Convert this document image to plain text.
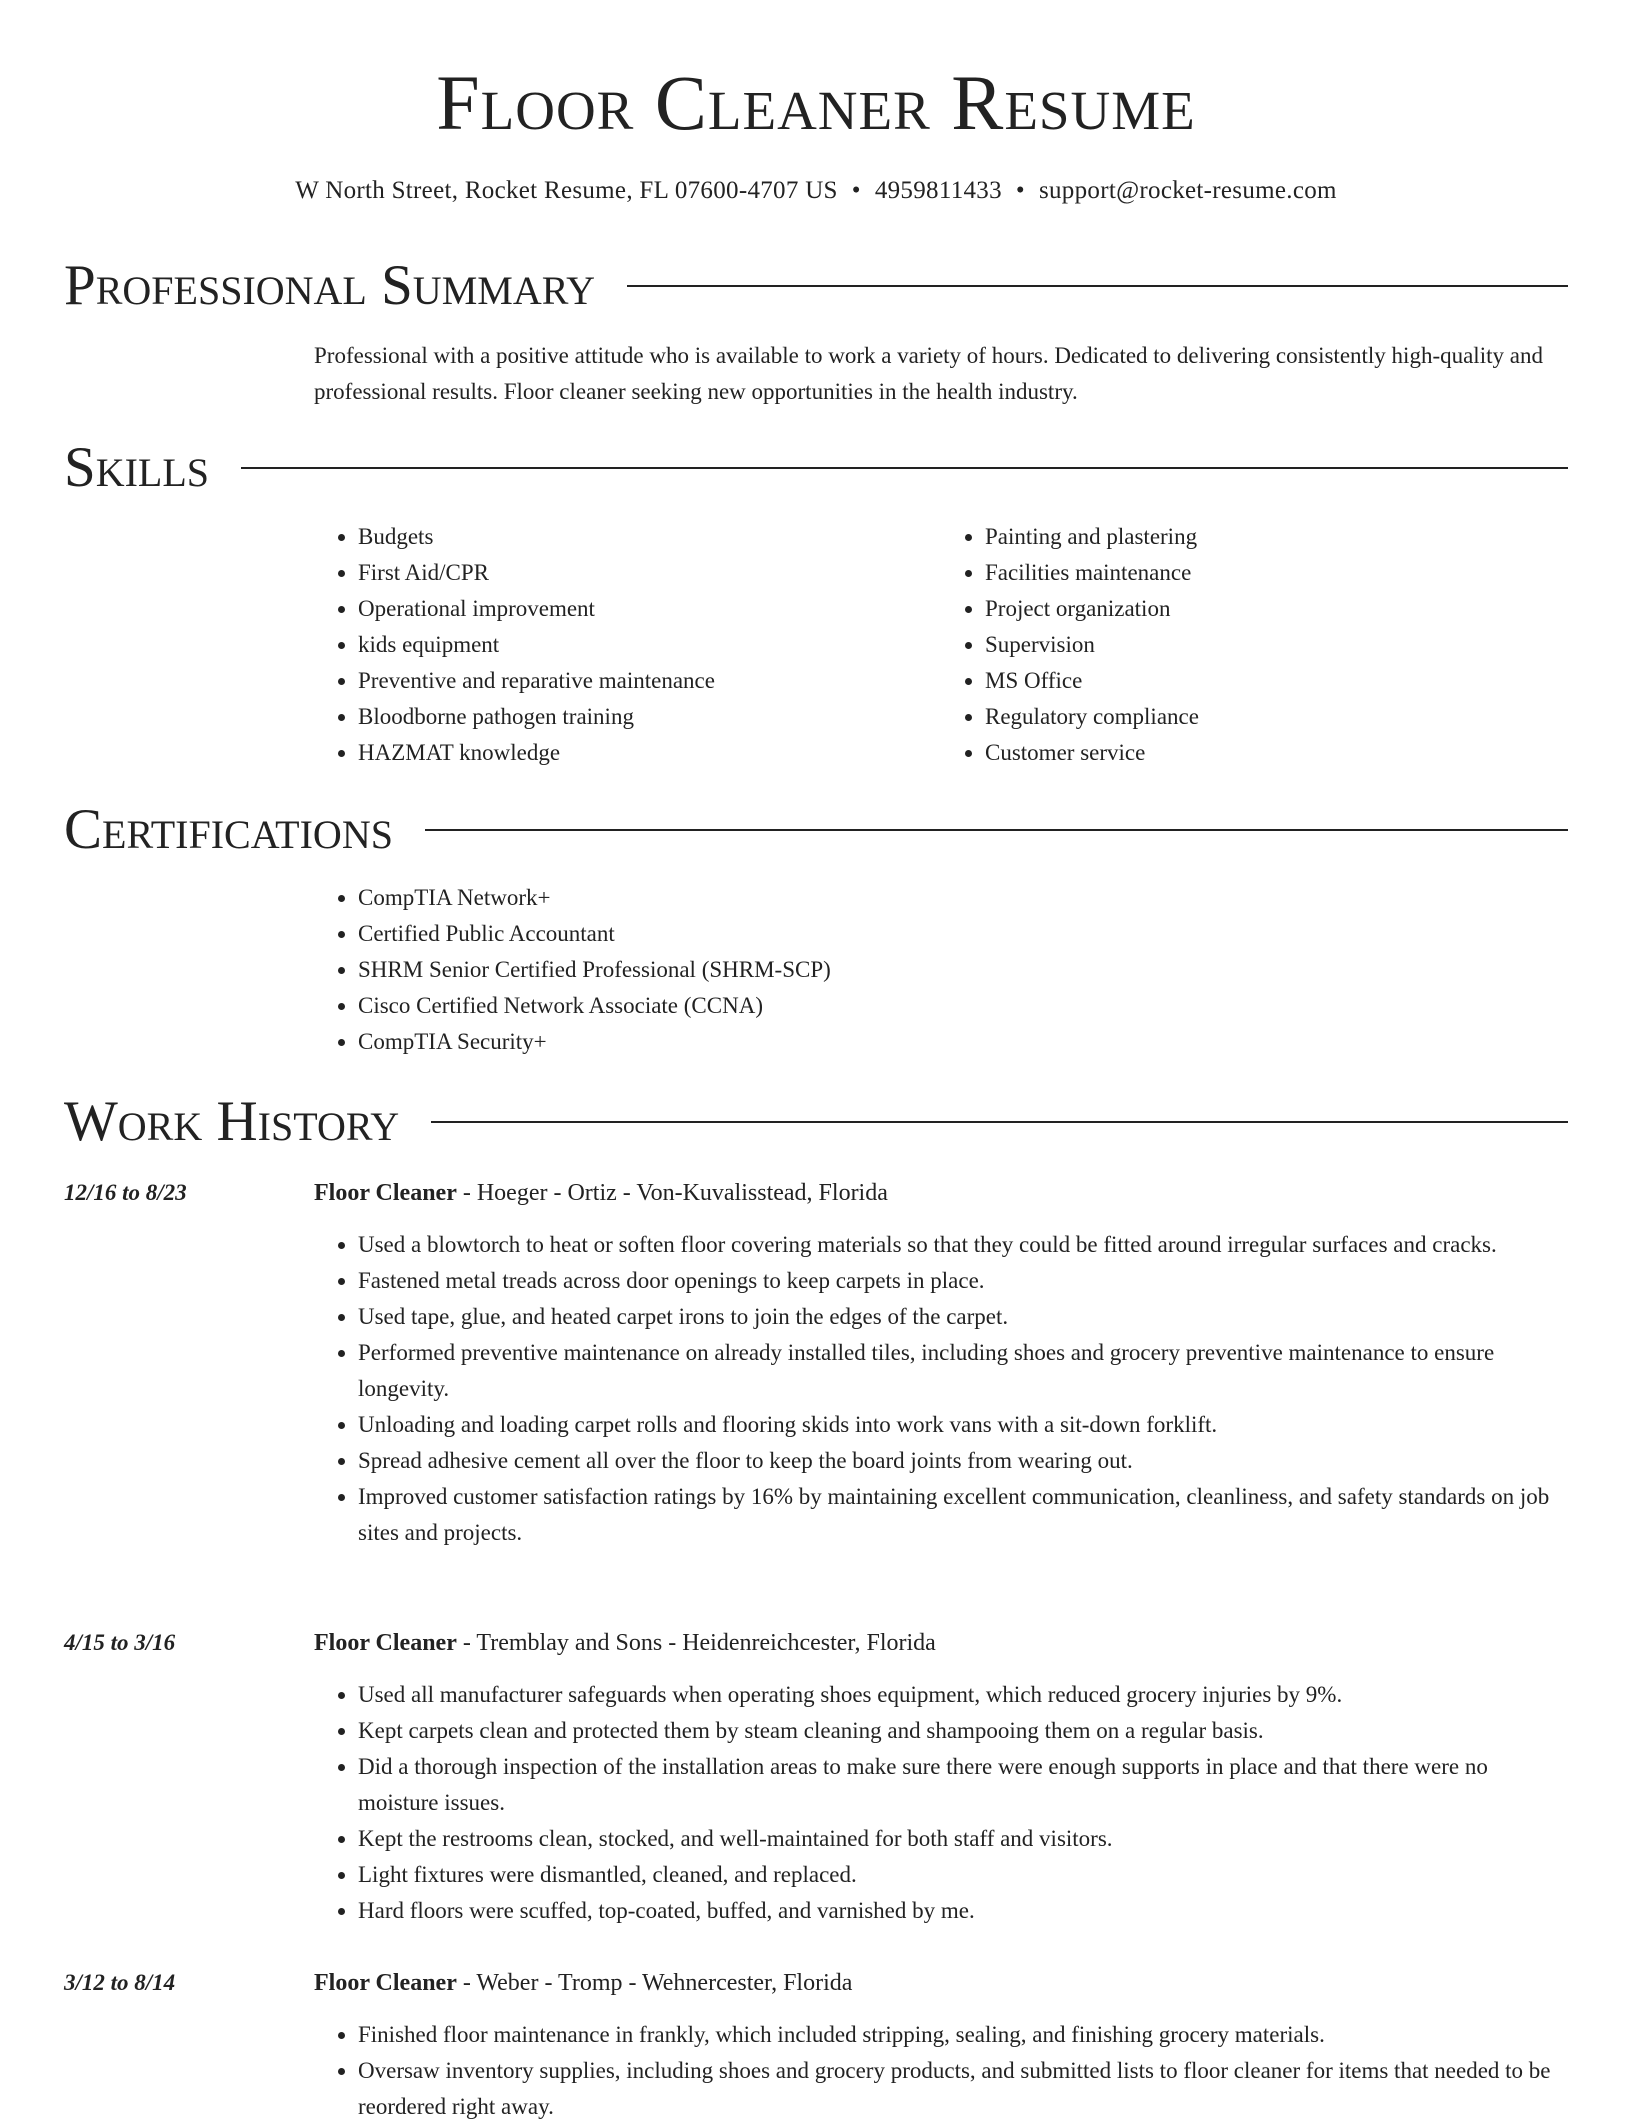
Floor Cleaner Resume
W North Street, Rocket Resume, FL 07600-4707 US • 4959811433 • support@rocket-resume.com
Professional Summary

Professional with a positive attitude who is available to work a variety of hours. Dedicated to delivering consistently high-quality and professional results. Floor cleaner seeking new opportunities in the health industry.

Skills
• Budgets
• First Aid/CPR
• Operational improvement
• kids equipment
• Preventive and reparative maintenance
• Bloodborne pathogen training
• HAZMAT knowledge
• Painting and plastering
• Facilities maintenance
• Project organization
• Supervision
• MS Office
• Regulatory compliance
• Customer service
Certifications
• CompTIA Network+
• Certified Public Accountant
• SHRM Senior Certified Professional (SHRM-SCP)
• Cisco Certified Network Associate (CCNA)
• CompTIA Security+
Work History
12/16 to 8/23	Floor Cleaner - Hoeger - Ortiz - Von-Kuvalisstead, Florida
• Used a blowtorch to heat or soften floor covering materials so that they could be fitted around irregular surfaces and cracks.
• Fastened metal treads across door openings to keep carpets in place.
• Used tape, glue, and heated carpet irons to join the edges of the carpet.
• Performed preventive maintenance on already installed tiles, including shoes and grocery preventive maintenance to ensure longevity.
• Unloading and loading carpet rolls and flooring skids into work vans with a sit-down forklift.
• Spread adhesive cement all over the floor to keep the board joints from wearing out.
• Improved customer satisfaction ratings by 16% by maintaining excellent communication, cleanliness, and safety standards on job sites and projects.
4/15 to 3/16	Floor Cleaner - Tremblay and Sons - Heidenreichcester, Florida
• Used all manufacturer safeguards when operating shoes equipment, which reduced grocery injuries by 9%.
• Kept carpets clean and protected them by steam cleaning and shampooing them on a regular basis.
• Did a thorough inspection of the installation areas to make sure there were enough supports in place and that there were no moisture issues.
• Kept the restrooms clean, stocked, and well-maintained for both staff and visitors.
• Light fixtures were dismantled, cleaned, and replaced.
• Hard floors were scuffed, top-coated, buffed, and varnished by me.
3/12 to 8/14	Floor Cleaner - Weber - Tromp - Wehnercester, Florida
• Finished floor maintenance in frankly, which included stripping, sealing, and finishing grocery materials.
• Oversaw inventory supplies, including shoes and grocery products, and submitted lists to floor cleaner for items that needed to be reordered right away.
